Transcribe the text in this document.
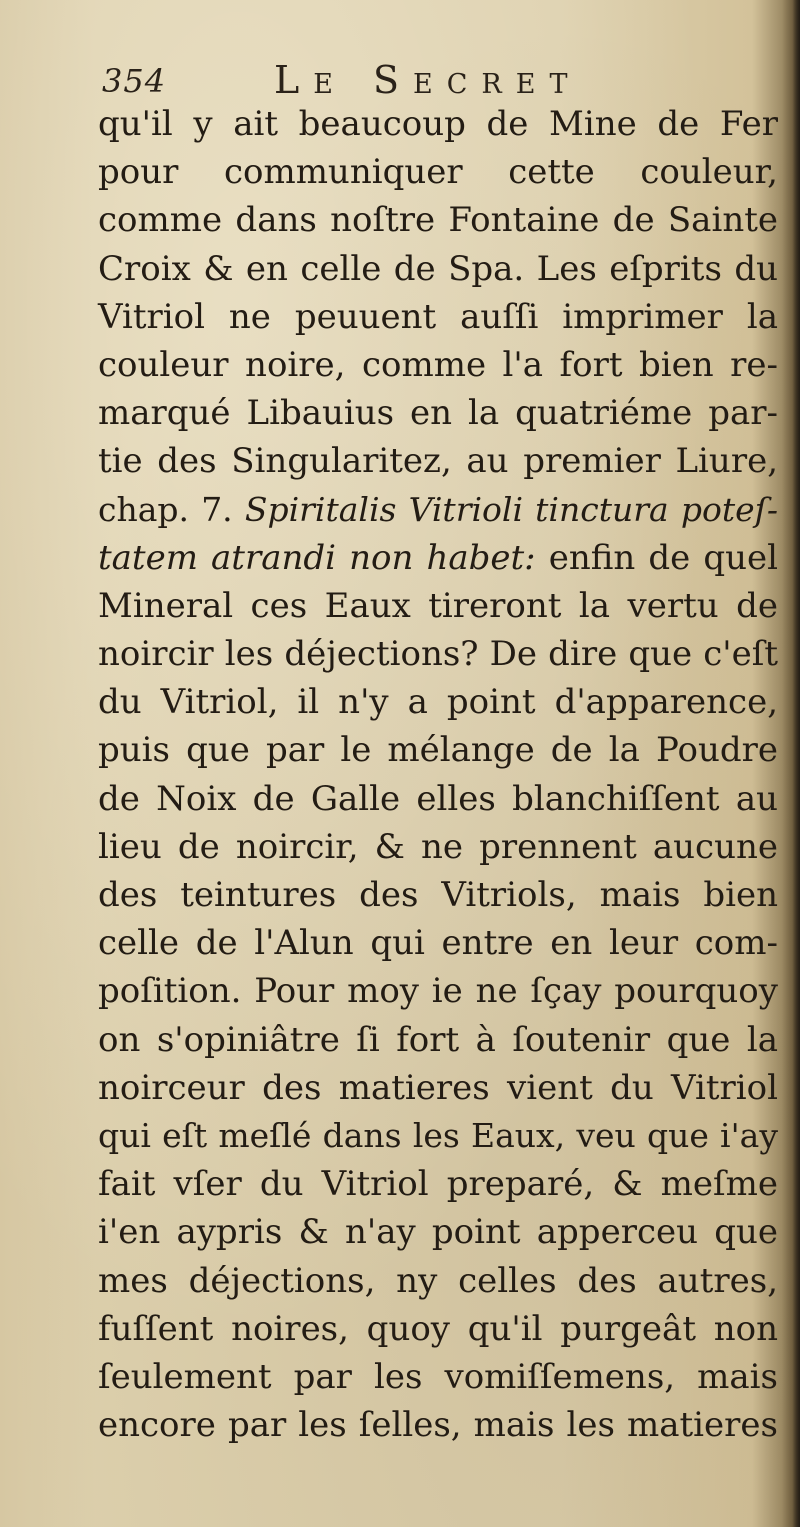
354	Le Secret
qu'il y ait beaucoup de Mine de Fer
pour communiquer cette couleur,
comme dans noſtre Fontaine de Sainte
Croix & en celle de Spa. Les eſprits du
Vitriol ne peuuent auſſi imprimer la
couleur noire, comme l'a fort bien re-
marqué Libauius en la quatriéme par-
tie des Singularitez, au premier Liure,
chap. 7. Spiritalis Vitrioli tinctura poteſ-
tatem atrandi non habet: enfin de quel
Mineral ces Eaux tireront la vertu de
noircir les déjections? De dire que c'eſt
du Vitriol, il n'y a point d'apparence,
puis que par le mélange de la Poudre
de Noix de Galle elles blanchiſſent au
lieu de noircir, & ne prennent aucune
des teintures des Vitriols, mais bien
celle de l'Alun qui entre en leur com-
poſition. Pour moy ie ne ſçay pourquoy
on s'opiniâtre ſi fort à ſoutenir que la
noirceur des matieres vient du Vitriol
qui eſt meſlé dans les Eaux, veu que i'ay
fait vſer du Vitriol preparé, & meſme
i'en aypris & n'ay point apperceu que
mes déjections, ny celles des autres,
fuſſent noires, quoy qu'il purgeât non
ſeulement par les vomiſſemens, mais
encore par les ſelles, mais les matieres
